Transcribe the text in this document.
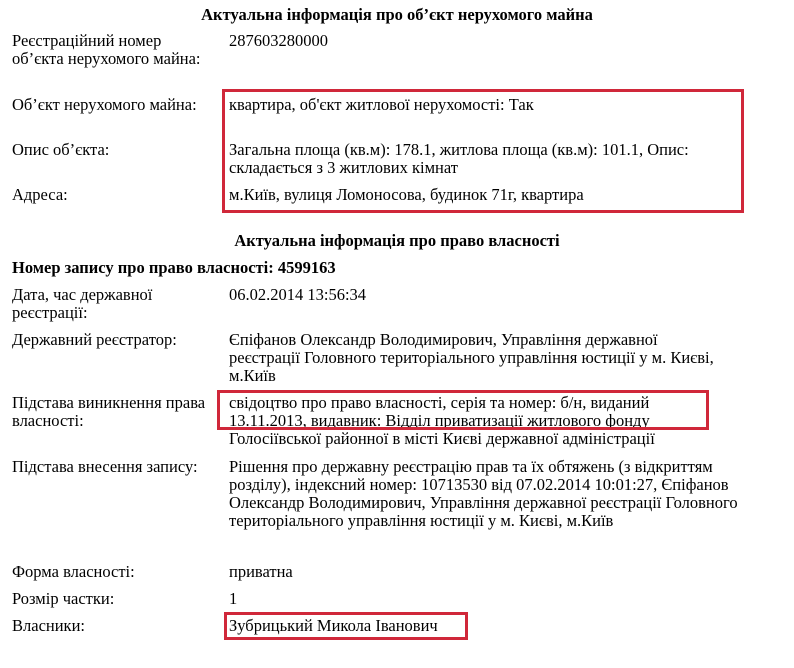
Актуальна інформація про об’єкт нерухомого майна
Реєстраційний номер об’єкта нерухомого майна:
287603280000
Об’єкт нерухомого майна:	квартира, об'єкт житлової нерухомості: Так
Опис об’єкта:	Загальна площа (кв.м): 178.1, житлова площа (кв.м): 101.1, Опис: складається з 3 житлових кімнат
Адреса:	м.Київ, вулиця Ломоносова, будинок 71г, квартира
Актуальна інформація про право власності
Номер запису про право власності: 4599163
Дата, час державної реєстрації:
06.02.2014 13:56:34
Державний реєстратор:	Єпіфанов Олександр Володимирович, Управління державної реєстрації Головного територіального управління юстиції у м. Києві, м.Київ
Підстава виникнення права власності:
свідоцтво про право власності, серія та номер: б/н, виданий 13.11.2013, видавник: Відділ приватизації житлового фонду Голосіївської районної в місті Києві державної адміністрації
Підстава внесення запису:	Рішення про державну реєстрацію прав та їх обтяжень (з відкриттям розділу), індексний номер: 10713530 від 07.02.2014 10:01:27, Єпіфанов Олександр Володимирович, Управління державної реєстрації Головного територіального управління юстиції у м. Києві, м.Київ
Форма власності:	приватна
Розмір частки:	1
Власники:	Зубрицький Микола Іванович
